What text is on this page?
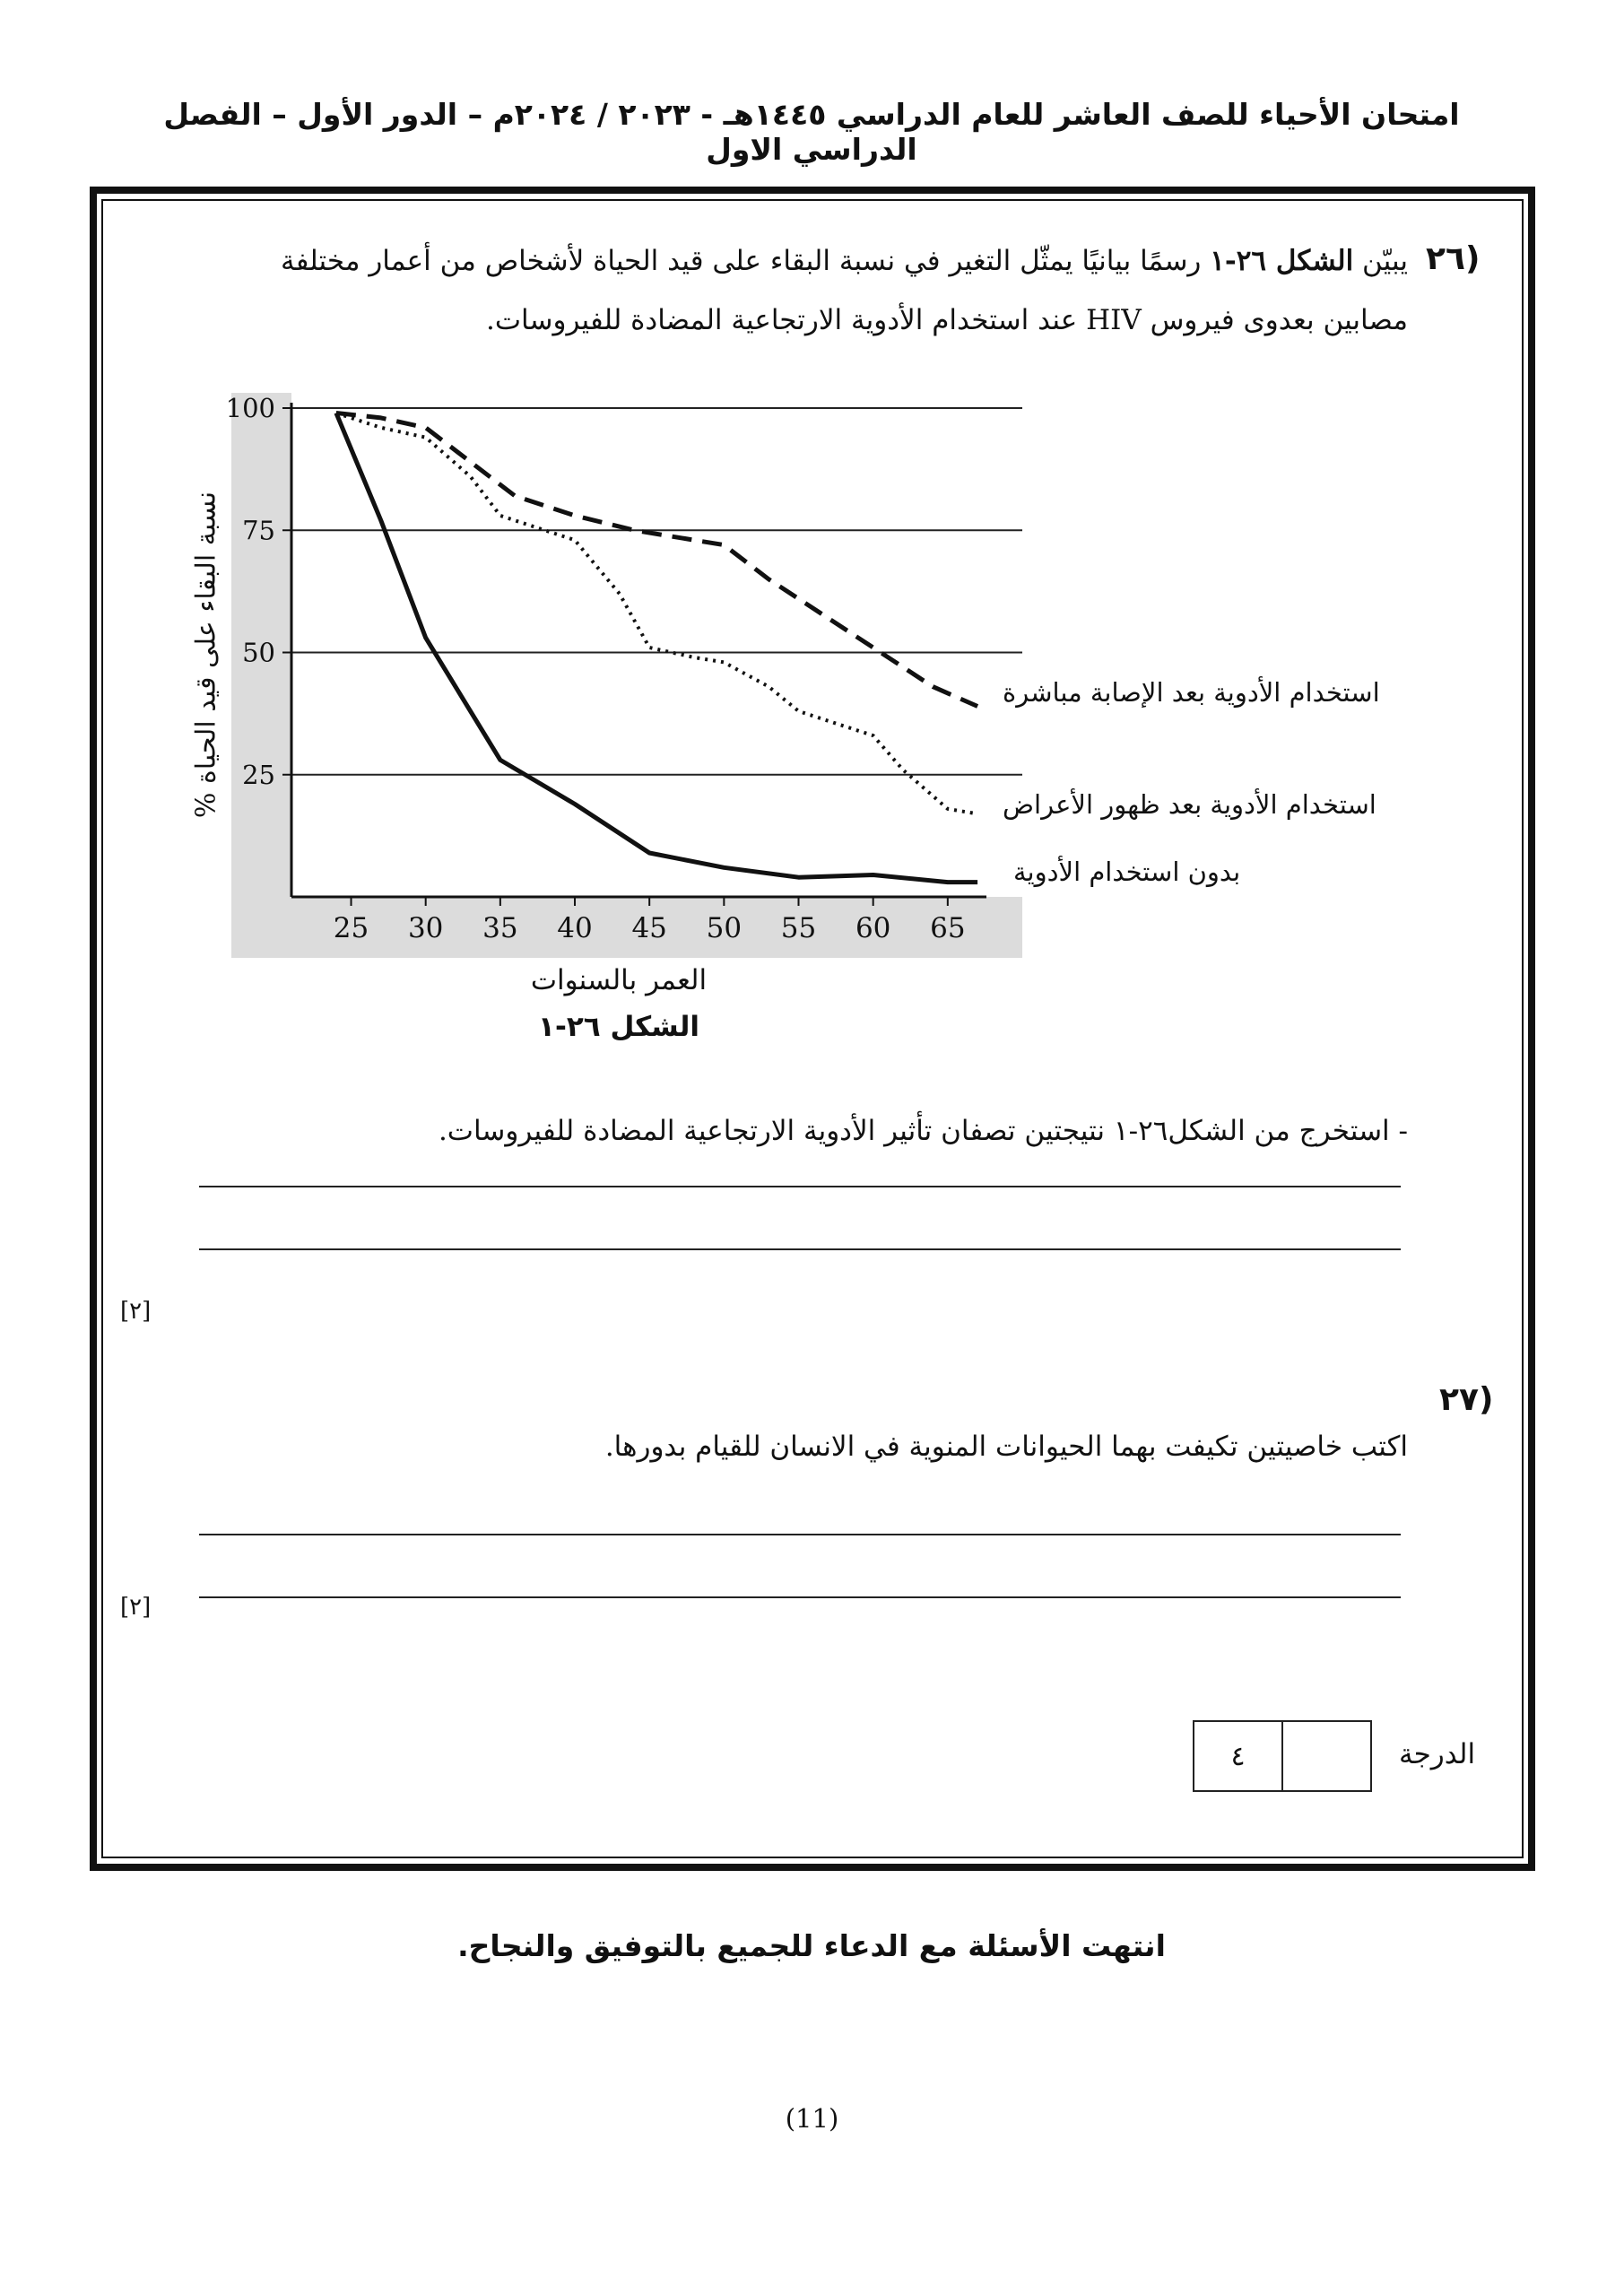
امتحان الأحياء للصف العاشر للعام الدراسي ١٤٤٥هـ - ٢٠٢٣ / ٢٠٢٤م – الدور الأول – الفصل الدراسي الاول
٢٦)
يبيّن الشكل ٢٦-١ رسمًا بيانيًا يمثّل التغير في نسبة البقاء على قيد الحياة لأشخاص من أعمار مختلفة
مصابين بعدوى فيروس HIV عند استخدام الأدوية الارتجاعية المضادة للفيروسات.
25
50
75
100
25 30 35 40 45 50 55 60 65
نسبة البقاء على قيد الحياة %	استخدام الأدوية بعد الإصابة مباشرة
استخدام الأدوية بعد ظهور الأعراض
بدون استخدام الأدوية
العمر بالسنوات
الشكل ٢٦-١
- استخرج من الشكل٢٦-١ نتيجتين تصفان تأثير الأدوية الارتجاعية المضادة للفيروسات.
[٢]
٢٧)
اكتب خاصيتين تكيفت بهما الحيوانات المنوية في الانسان للقيام بدورها.
[٢]
الدرجة
٤
انتهت الأسئلة مع الدعاء للجميع بالتوفيق والنجاح.
(11)
